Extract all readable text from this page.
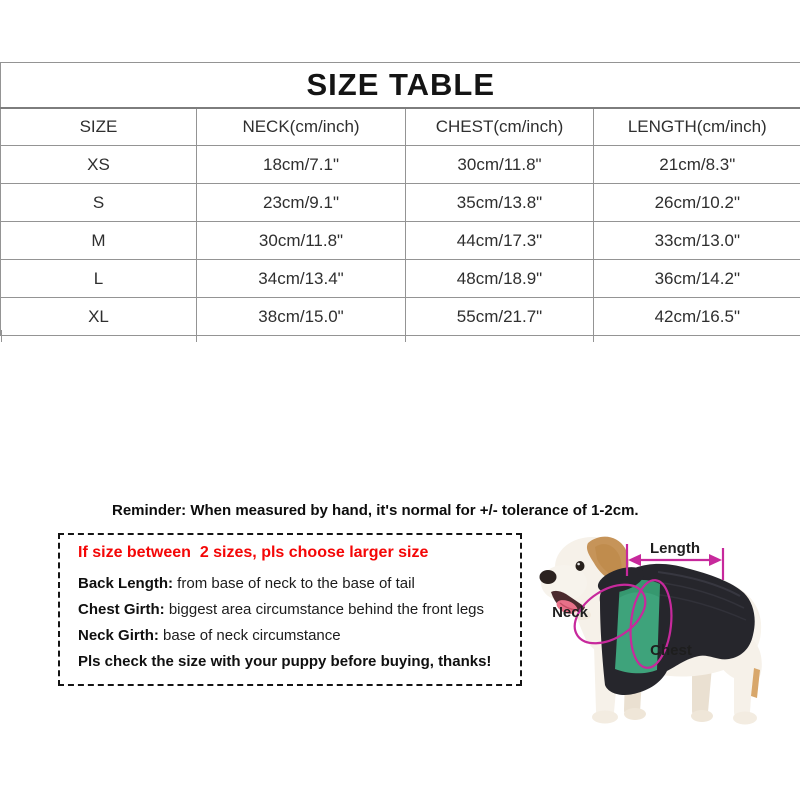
SIZE TABLE			
SIZE	NECK(cm/inch)	CHEST(cm/inch)	LENGTH(cm/inch)
XS	18cm/7.1"	30cm/11.8"	21cm/8.3"
S	23cm/9.1"	35cm/13.8"	26cm/10.2"
M	30cm/11.8"	44cm/17.3"	33cm/13.0"
L	34cm/13.4"	48cm/18.9"	36cm/14.2"
XL	38cm/15.0"	55cm/21.7"	42cm/16.5"
Reminder: When measured by hand, it's normal for +/- tolerance of 1-2cm.
If size between  2 sizes, pls choose larger size
Back Length: from base of neck to the base of tail
Chest Girth: biggest area circumstance behind the front legs
Neck Girth: base of neck circumstance
Pls check the size with your puppy before buying, thanks!
Length
Neck
Chest
